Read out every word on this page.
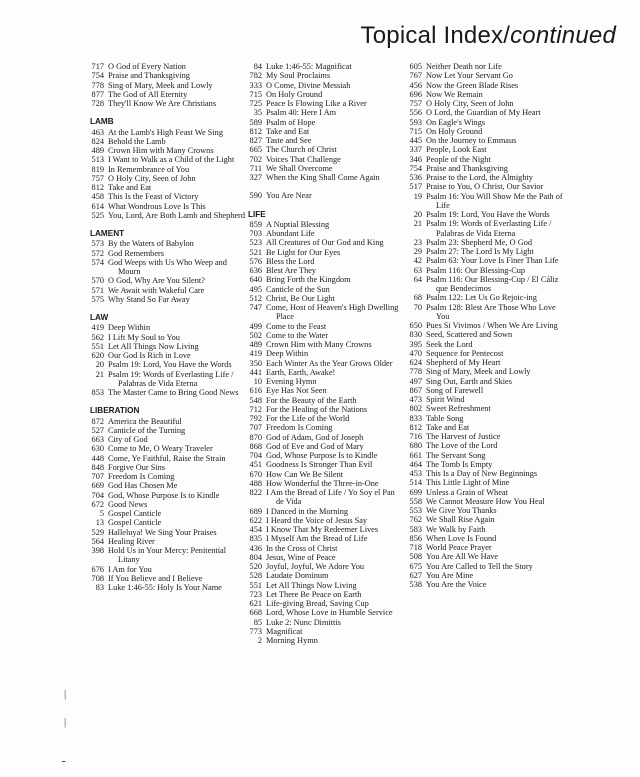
Topical Index/continued
717 O God of Every Nation
754 Praise and Thanksgiving
778 Sing of Mary, Meek and Lowly
877 The God of All Eternity
728 They'll Know We Are Christians
LAMB
463 At the Lamb's High Feast We Sing
824 Behold the Lamb
489 Crown Him with Many Crowns
513 I Want to Walk as a Child of the Light
819 In Remembrance of You
757 O Holy City, Seen of John
812 Take and Eat
458 This Is the Feast of Victory
614 What Wondrous Love Is This
525 You, Lord, Are Both Lamb and Shepherd
LAMENT
573 By the Waters of Babylon
572 God Remembers
574 God Weeps with Us Who Weep and Mourn
570 O God, Why Are You Silent?
571 We Await with Wakeful Care
575 Why Stand So Far Away
LAW
419 Deep Within
562 I Lift My Soul to You
551 Let All Things Now Living
620 Our God Is Rich in Love
20 Psalm 19: Lord, You Have the Words
21 Psalm 19: Words of Everlasting Life / Palabras de Vida Eterna
853 The Master Came to Bring Good News
LIBERATION
872 America the Beautiful
527 Canticle of the Turning
663 City of God
630 Come to Me, O Weary Traveler
448 Come, Ye Faithful, Raise the Strain
848 Forgive Our Sins
707 Freedom Is Coming
669 God Has Chosen Me
704 God, Whose Purpose Is to Kindle
672 Good News
5 Gospel Canticle
13 Gospel Canticle
529 Halleluya! We Sing Your Praises
564 Healing River
398 Hold Us in Your Mercy: Penitential Litany
676 I Am for You
708 If You Believe and I Believe
83 Luke 1:46-55: Holy Is Your Name
84 Luke 1:46-55: Magnificat
782 My Soul Proclaims
333 O Come, Divine Messiah
715 On Holy Ground
725 Peace Is Flowing Like a River
35 Psalm 40: Here I Am
589 Psalm of Hope
812 Take and Eat
827 Taste and See
665 The Church of Christ
702 Voices That Challenge
711 We Shall Overcome
327 When the King Shall Come Again
590 You Are Near
LIFE
859 A Nuptial Blessing
703 Abundant Life
523 All Creatures of Our God and King
521 Be Light for Our Eyes
576 Bless the Lord
636 Blest Are They
640 Bring Forth the Kingdom
495 Canticle of the Sun
512 Christ, Be Our Light
747 Come, Host of Heaven's High Dwelling Place
499 Come to the Feast
502 Come to the Water
489 Crown Him with Many Crowns
419 Deep Within
350 Each Winter As the Year Grows Older
441 Earth, Earth, Awake!
10 Evening Hymn
616 Eye Has Not Seen
548 For the Beauty of the Earth
712 For the Healing of the Nations
792 For the Life of the World
707 Freedom Is Coming
870 God of Adam, God of Joseph
868 God of Eve and God of Mary
704 God, Whose Purpose Is to Kindle
451 Goodness Is Stronger Than Evil
670 How Can We Be Silent
488 How Wonderful the Three-in-One
822 I Am the Bread of Life / Yo Soy el Pan de Vida
689 I Danced in the Morning
622 I Heard the Voice of Jesus Say
454 I Know That My Redeemer Lives
835 I Myself Am the Bread of Life
436 In the Cross of Christ
804 Jesus, Wine of Peace
520 Joyful, Joyful, We Adore You
528 Laudate Dominum
551 Let All Things Now Living
723 Let There Be Peace on Earth
621 Life-giving Bread, Saving Cup
668 Lord, Whose Love in Humble Service
85 Luke 2: Nunc Dimittis
773 Magnificat
2 Morning Hymn
605 Neither Death nor Life
767 Now Let Your Servant Go
456 Now the Green Blade Rises
696 Now We Remain
757 O Holy City, Seen of John
556 O Lord, the Guardian of My Heart
593 On Eagle's Wings
715 On Holy Ground
445 On the Journey to Emmaus
337 People, Look East
346 People of the Night
754 Praise and Thanksgiving
536 Praise to the Lord, the Almighty
517 Praise to You, O Christ, Our Savior
19 Psalm 16: You Will Show Me the Path of Life
20 Psalm 19: Lord, You Have the Words
21 Psalm 19: Words of Everlasting Life / Palabras de Vida Eterna
23 Psalm 23: Shepherd Me, O God
29 Psalm 27: The Lord Is My Light
42 Psalm 63: Your Love Is Finer Than Life
63 Psalm 116: Our Blessing-Cup
64 Psalm 116: Our Blessing-Cup / El Cáliz que Bendecimos
68 Psalm 122: Let Us Go Rejoic-ing
70 Psalm 128: Blest Are Those Who Love You
650 Pues Si Vivimos / When We Are Living
830 Seed, Scattered and Sown
395 Seek the Lord
470 Sequence for Pentecost
624 Shepherd of My Heart
778 Sing of Mary, Meek and Lowly
497 Sing Out, Earth and Skies
867 Song of Farewell
473 Spirit Wind
802 Sweet Refreshment
833 Table Song
812 Take and Eat
716 The Harvest of Justice
680 The Love of the Lord
661 The Servant Song
464 The Tomb Is Empty
453 This Is a Day of New Beginnings
514 This Little Light of Mine
699 Unless a Grain of Wheat
558 We Cannot Measure How You Heal
553 We Give You Thanks
762 We Shall Rise Again
583 We Walk by Faith
856 When Love Is Found
718 World Peace Prayer
508 You Are All We Have
675 You Are Called to Tell the Story
627 You Are Mine
538 You Are the Voice
|
|
ـ
